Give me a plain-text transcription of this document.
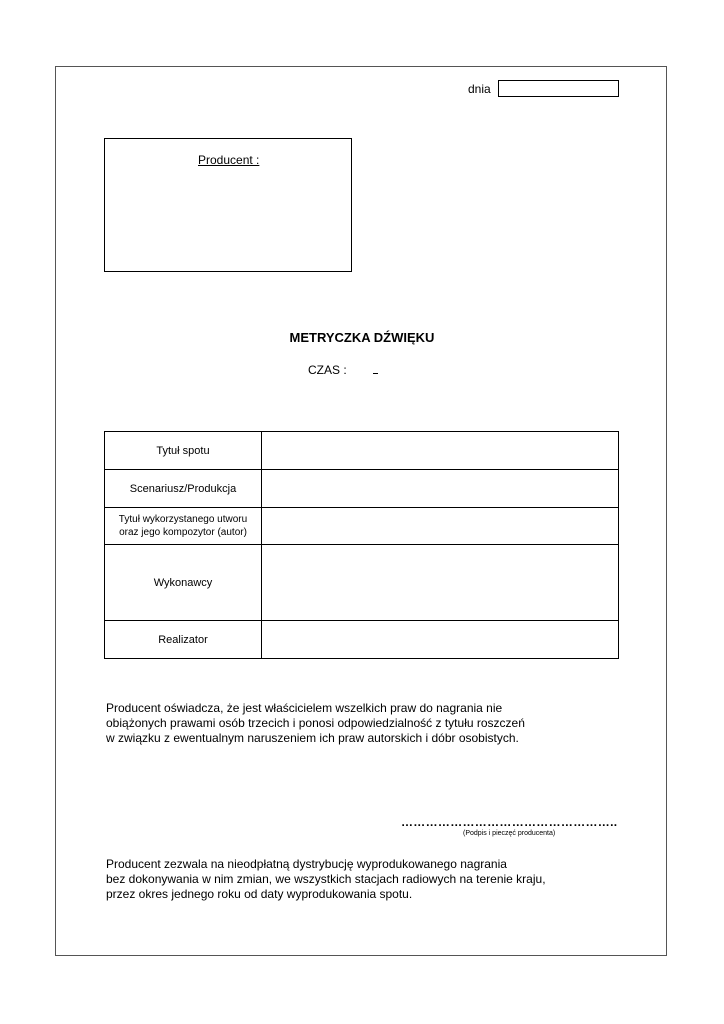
dnia
Producent :
METRYCZKA DŹWIĘKU
CZAS :
Tytuł spotu	
Scenariusz/Produkcja	
Tytuł wykorzystanego utworu
oraz jego kompozytor (autor)	
Wykonawcy	
Realizator	

Producent oświadcza, że jest właścicielem wszelkich praw do nagrania nie
obiążonych prawami osób trzecich i ponosi odpowiedzialność z tytułu roszczeń
w związku z ewentualnym naruszeniem ich praw autorskich i dóbr osobistych.

……………………………………………..
(Podpis i pieczęć producenta)

Producent zezwala na nieodpłatną dystrybucję wyprodukowanego nagrania
bez dokonywania w nim zmian, we wszystkich stacjach radiowych na terenie kraju,
przez okres jednego roku od daty wyprodukowania spotu.
